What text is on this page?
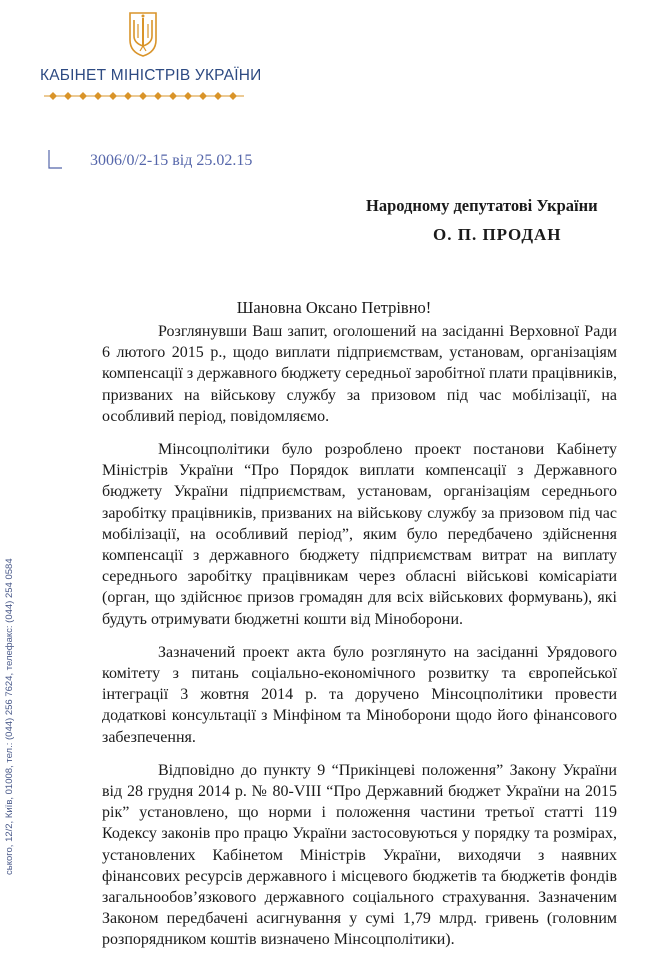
КАБІНЕТ МІНІСТРІВ УКРАЇНИ
3006/0/2-15 від 25.02.15
Народному депутатові України
О. П. ПРОДАН
Шановна Оксано Петрівно!

Розглянувши Ваш запит, оголошений на засіданні Верховної Ради 6 лютого 2015 р., щодо виплати підприємствам, установам, організаціям компенсації з державного бюджету середньої заробітної плати працівників, призваних на військову службу за призовом під час мобілізації, на особливий період, повідомляємо.

Мінсоцполітики було розроблено проект постанови Кабінету Міністрів України “Про Порядок виплати компенсації з Державного бюджету України підприємствам, установам, організаціям середнього заробітку працівників, призваних на військову службу за призовом під час мобілізації, на особливий період”, яким було передбачено здійснення компенсації з державного бюджету підприємствам витрат на виплату середнього заробітку працівникам через обласні військові комісаріати (орган, що здійснює призов громадян для всіх військових формувань), які будуть отримувати бюджетні кошти від Міноборони.

Зазначений проект акта було розглянуто на засіданні Урядового комітету з питань соціально-економічного розвитку та європейської інтеграції 3 жовтня 2014 р. та доручено Мінсоцполітики провести додаткові консультації з Мінфіном та Міноборони щодо його фінансового забезпечення.

Відповідно до пункту 9 “Прикінцеві положення” Закону України від 28 грудня 2014 р. № 80-VIII “Про Державний бюджет України на 2015 рік” установлено, що норми і положення частини третьої статті 119 Кодексу законів про працю України застосовуються у порядку та розмірах, установлених Кабінетом Міністрів України, виходячи з наявних фінансових ресурсів державного і місцевого бюджетів та бюджетів фондів загальнообов’язкового державного соціального страхування. Зазначеним Законом передбачені асигнування у сумі 1,79 млрд. гривень (головним розпорядником коштів визначено Мінсоцполітики).

ського, 12/2, Київ, 01008, тел.: (044) 256 7624, телефакс: (044) 254 0584
